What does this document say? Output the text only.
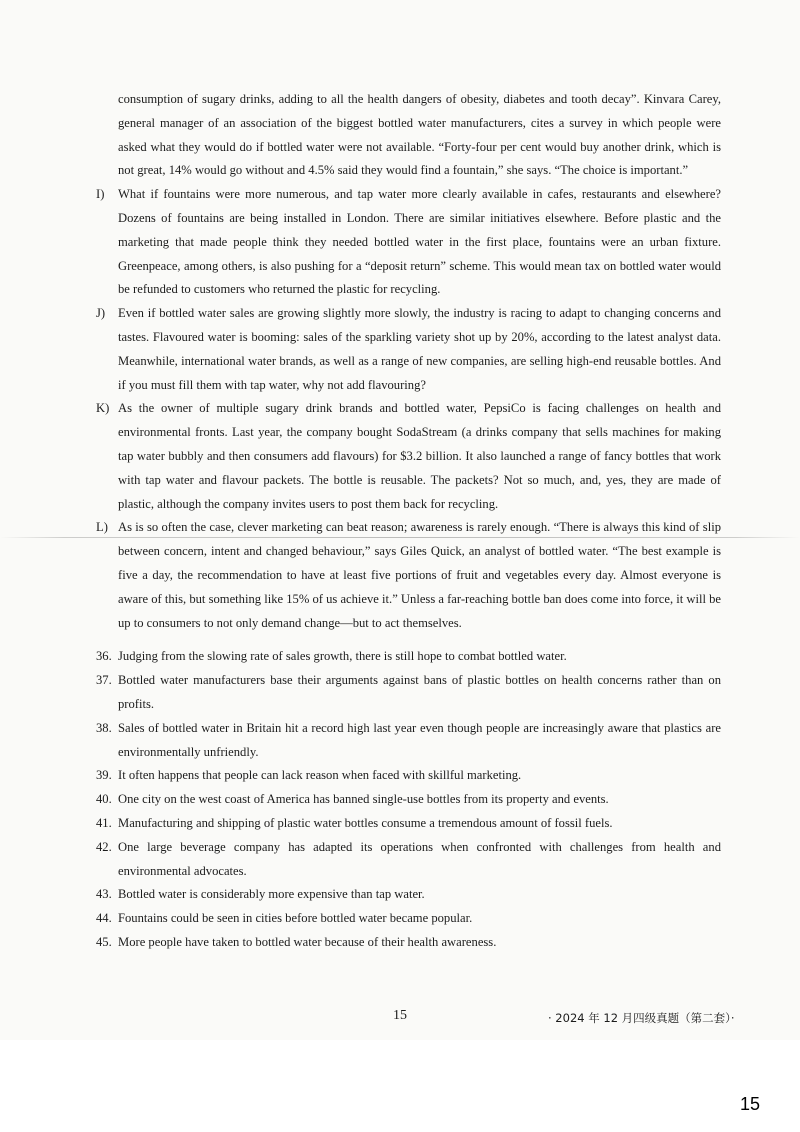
consumption of sugary drinks, adding to all the health dangers of obesity, diabetes and tooth decay”. Kinvara Carey, general manager of an association of the biggest bottled water manufacturers, cites a survey in which people were asked what they would do if bottled water were not available. “Forty-four per cent would buy another drink, which is not great, 14% would go without and 4.5% said they would find a fountain,” she says. “The choice is important.”

I)	What if fountains were more numerous, and tap water more clearly available in cafes, restaurants and elsewhere? Dozens of fountains are being installed in London. There are similar initiatives elsewhere. Before plastic and the marketing that made people think they needed bottled water in the first place, fountains were an urban fixture. Greenpeace, among others, is also pushing for a “deposit return” scheme. This would mean tax on bottled water would be refunded to customers who returned the plastic for recycling.
J)	Even if bottled water sales are growing slightly more slowly, the industry is racing to adapt to changing concerns and tastes. Flavoured water is booming: sales of the sparkling variety shot up by 20%, according to the latest analyst data. Meanwhile, international water brands, as well as a range of new companies, are selling high-end reusable bottles. And if you must fill them with tap water, why not add flavouring?
K) As the owner of multiple sugary drink brands and bottled water, PepsiCo is facing challenges on health and environmental fronts. Last year, the company bought SodaStream (a drinks company that sells machines for making tap water bubbly and then consumers add flavours) for $3.2 billion. It also launched a range of fancy bottles that work with tap water and flavour packets. The bottle is reusable. The packets? Not so much, and, yes, they are made of plastic, although the company invites users to post them back for recycling.
L) As is so often the case, clever marketing can beat reason; awareness is rarely enough. “There is always this kind of slip between concern, intent and changed behaviour,” says Giles Quick, an analyst of bottled water. “The best example is five a day, the recommendation to have at least five portions of fruit and vegetables every day. Almost everyone is aware of this, but something like 15% of us achieve it.” Unless a far-reaching bottle ban does come into force, it will be up to consumers to not only demand change—but to act themselves.
36. Judging from the slowing rate of sales growth, there is still hope to combat bottled water.
37. Bottled water manufacturers base their arguments against bans of plastic bottles on health concerns rather than on profits.
38. Sales of bottled water in Britain hit a record high last year even though people are increasingly aware that plastics are environmentally unfriendly.
39. It often happens that people can lack reason when faced with skillful marketing.
40. One city on the west coast of America has banned single-use bottles from its property and events.
41. Manufacturing and shipping of plastic water bottles consume a tremendous amount of fossil fuels.
42. One large beverage company has adapted its operations when confronted with challenges from health and environmental advocates.
43. Bottled water is considerably more expensive than tap water.
44. Fountains could be seen in cities before bottled water became popular.
45. More people have taken to bottled water because of their health awareness.
15	· 2024 年 12 月四级真题（第二套）·
15
